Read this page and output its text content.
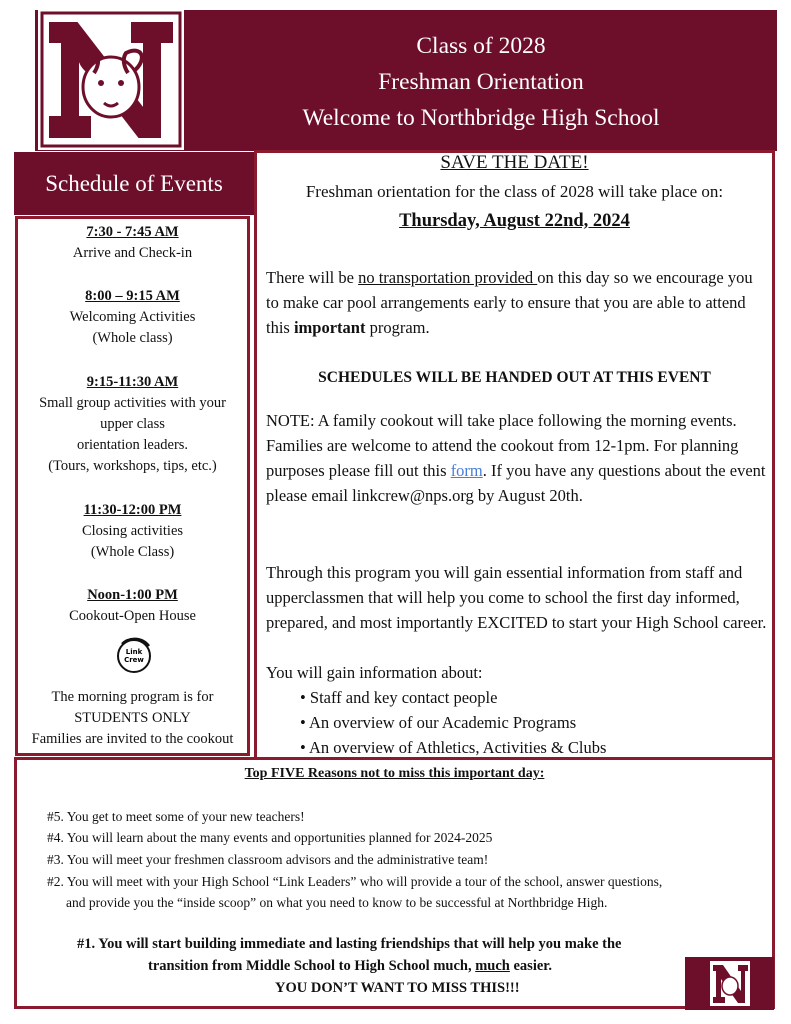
Class of 2028
Freshman Orientation
Welcome to Northbridge High School
Schedule of Events
7:30 - 7:45 AM
Arrive and Check-in
8:00 – 9:15 AM
Welcoming Activities
(Whole class)
9:15-11:30 AM
Small group activities with your
upper class
orientation leaders.
(Tours, workshops, tips, etc.)
11:30-12:00 PM
Closing activities
(Whole Class)
Noon-1:00 PM
Cookout-Open House
Link
Crew
The morning program is for
STUDENTS ONLY
Families are invited to the cookout
SAVE THE DATE!
Freshman orientation for the class of 2028 will take place on:
Thursday, August 22nd, 2024
There will be no transportation provided on this day so we encourage you to make car pool arrangements early to ensure that you are able to attend this important program.
SCHEDULES WILL BE HANDED OUT AT THIS EVENT
NOTE: A family cookout will take place following the morning events. Families are welcome to attend the cookout from 12-1pm. For planning purposes please fill out this form. If you have any questions about the event please email linkcrew@nps.org by August 20th.
Through this program you will gain essential information from staff and upperclassmen that will help you come to school the first day informed, prepared, and most importantly EXCITED to start your High School career.
You will gain information about:
• Staff and key contact people
• An overview of our Academic Programs
• An overview of Athletics, Activities & Clubs
Top FIVE Reasons not to miss this important day:
#5. You get to meet some of your new teachers!
#4. You will learn about the many events and opportunities planned for 2024-2025
#3. You will meet your freshmen classroom advisors and the administrative team!
#2. You will meet with your High School “Link Leaders” who will provide a tour of the school, answer questions,
and provide you the “inside scoop” on what you need to know to be successful at Northbridge High.
#1. You will start building immediate and lasting friendships that will help you make the
transition from Middle School to High School much, much easier.
YOU DON’T WANT TO MISS THIS!!!
